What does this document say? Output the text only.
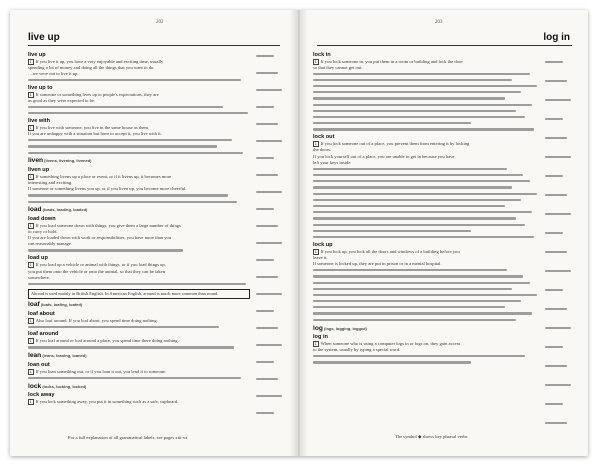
202
live up
live up
1 If you live it up, you have a very enjoyable and exciting time, usually
spending a lot of money and doing all the things that you want to do.
…we were out to live it up.
live up to
1 If someone or something lives up to people's expectations, they are
as good as they were expected to be.
live with
1 If you live with someone, you live in the same house as them.
If you are unhappy with a situation but have to accept it, you live with it.
liven (livens, livening, livened)
liven up
1 If something livens up a place or event, or if it livens up, it becomes more
interesting and exciting.
If someone or something livens you up, or if you liven up, you become more cheerful.
load (loads, loading, loaded)
load down
1 If you load someone down with things, you give them a large number of things
to carry or hold.
If you are loaded down with work or responsibilities, you have more than you
can reasonably manage.
load up
1 If you load up a vehicle or animal with things, or if you load things up,
you put them onto the vehicle or onto the animal, so that they can be taken
somewhere.
Abroad is used mainly in British English. In American English, around is much more common than round.
loaf (loafs, loafing, loafed)
loaf about
1 Also loaf around. If you loaf about, you spend time doing nothing.
loaf around
1 If you loaf around or loaf around a place, you spend time there doing nothing.
lean (leans, leaning, loaned)
loan out
1 If you loan something out, or if you loan it out, you lend it to someone.
lock (locks, locking, locked)
lock away
1 If you lock something away, you put it in something such as a safe, cupboard.
For a full explanation of all grammatical labels, see pages xiii-xx
203
log in
lock in
1 If you lock someone in, you put them in a room or building and lock the door
so that they cannot get out.
lock out
1 If you lock someone out of a place, you prevent them from entering it by locking
the doors.
If you lock yourself out of a place, you are unable to get in because you have
left your keys inside.
lock up
1 If you lock up, you lock all the doors and windows of a building before you
leave it.
If someone is locked up, they are put in prison or in a mental hospital.
log (logs, logging, logged)
log in
1 When someone who is using a computer logs in or logs on, they gain access
to the system, usually by typing a special word.
The symbol ◆ shows key phrasal verbs
